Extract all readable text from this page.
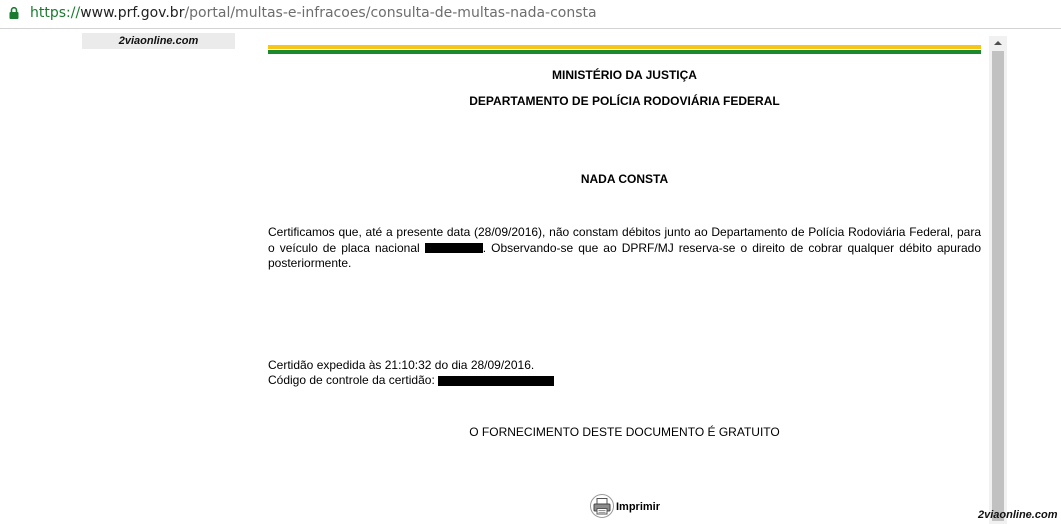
https://www.prf.gov.br/portal/multas-e-infracoes/consulta-de-multas-nada-consta
2viaonline.com
MINISTÉRIO DA JUSTIÇA
DEPARTAMENTO DE POLÍCIA RODOVIÁRIA FEDERAL
NADA CONSTA
Certificamos que, até a presente data (28/09/2016), não constam débitos junto ao Departamento de Polícia Rodoviária Federal, para o veículo de placa nacional	. Observando-se que ao DPRF/MJ reserva-se o direito de cobrar qualquer débito apurado posteriormente.
Certidão expedida às 21:10:32 do dia 28/09/2016.
Código de controle da certidão:
O FORNECIMENTO DESTE DOCUMENTO É GRATUITO
Imprimir
2viaonline.com
